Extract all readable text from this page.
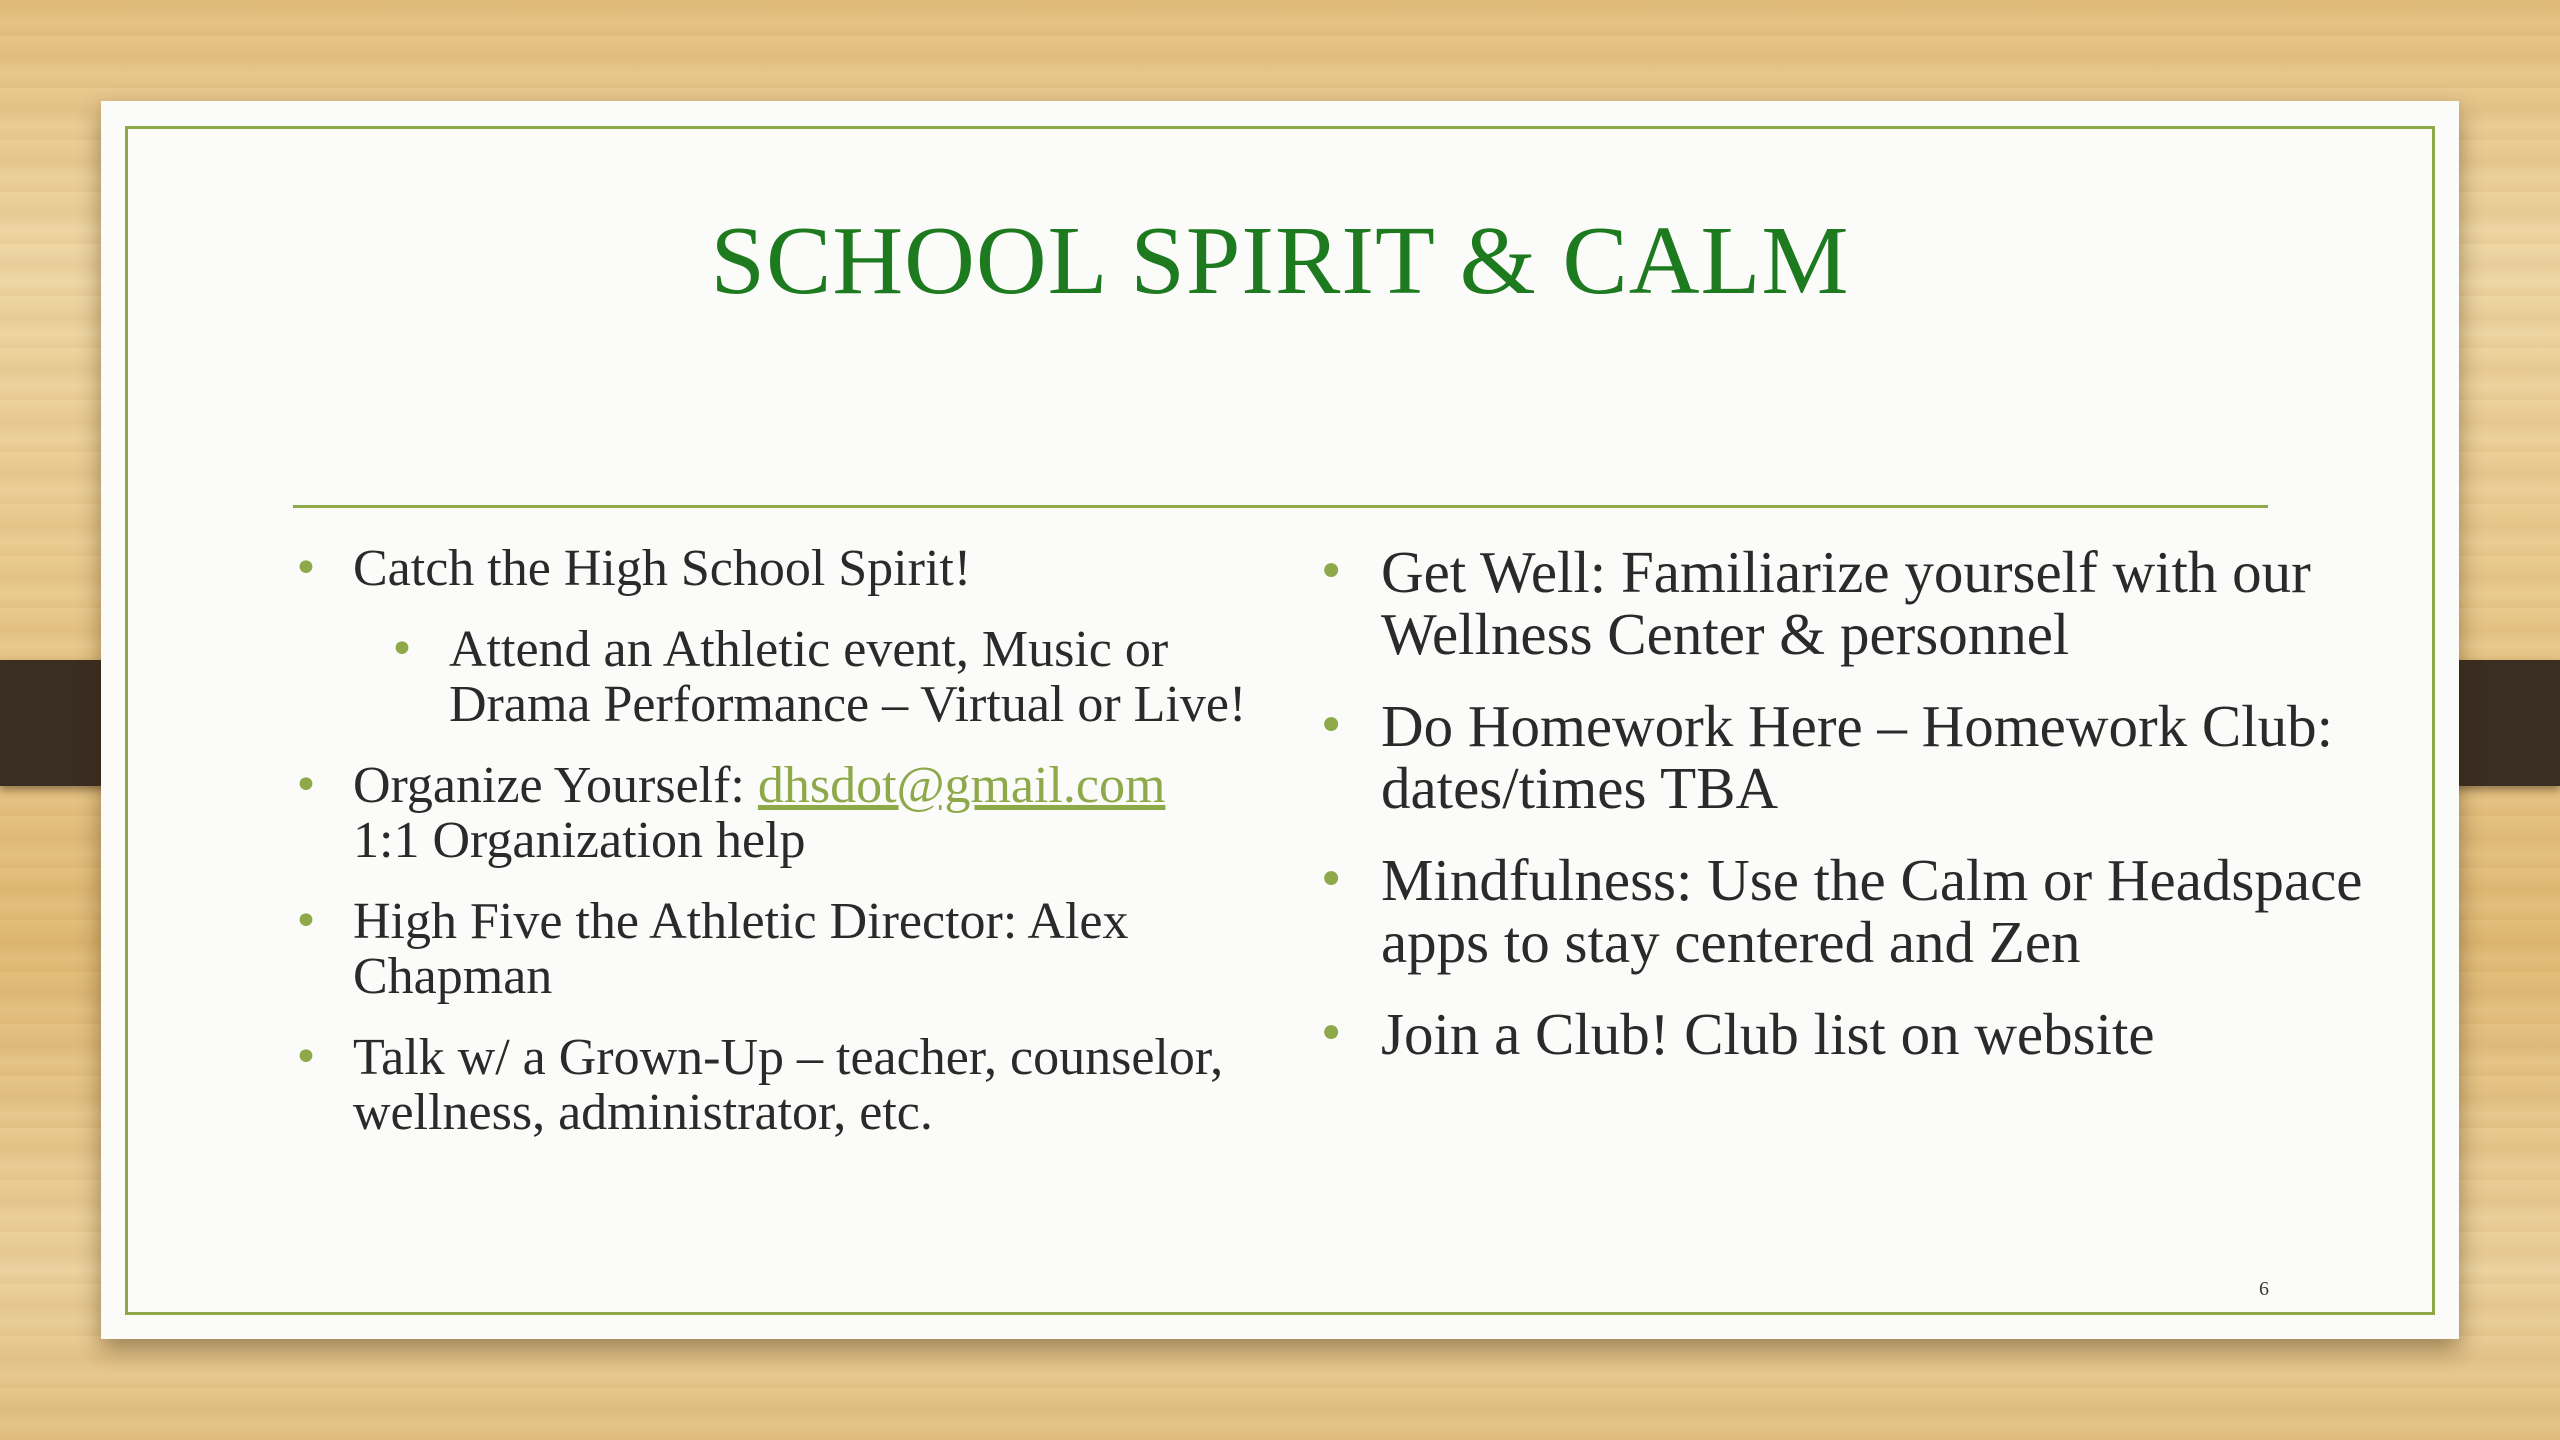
SCHOOL SPIRIT & CALM
• Catch the High School Spirit!
• Attend an Athletic event, Music or Drama Performance – Virtual or Live!
• Organize Yourself: dhsdot@gmail.com
1:1 Organization help
• High Five the Athletic Director: Alex Chapman
• Talk w/ a Grown-Up – teacher, counselor, wellness, administrator, etc.
• Get Well: Familiarize yourself with our Wellness Center & personnel
• Do Homework Here – Homework Club: dates/times TBA
• Mindfulness: Use the Calm or Headspace apps to stay centered and Zen
• Join a Club! Club list on website
6
